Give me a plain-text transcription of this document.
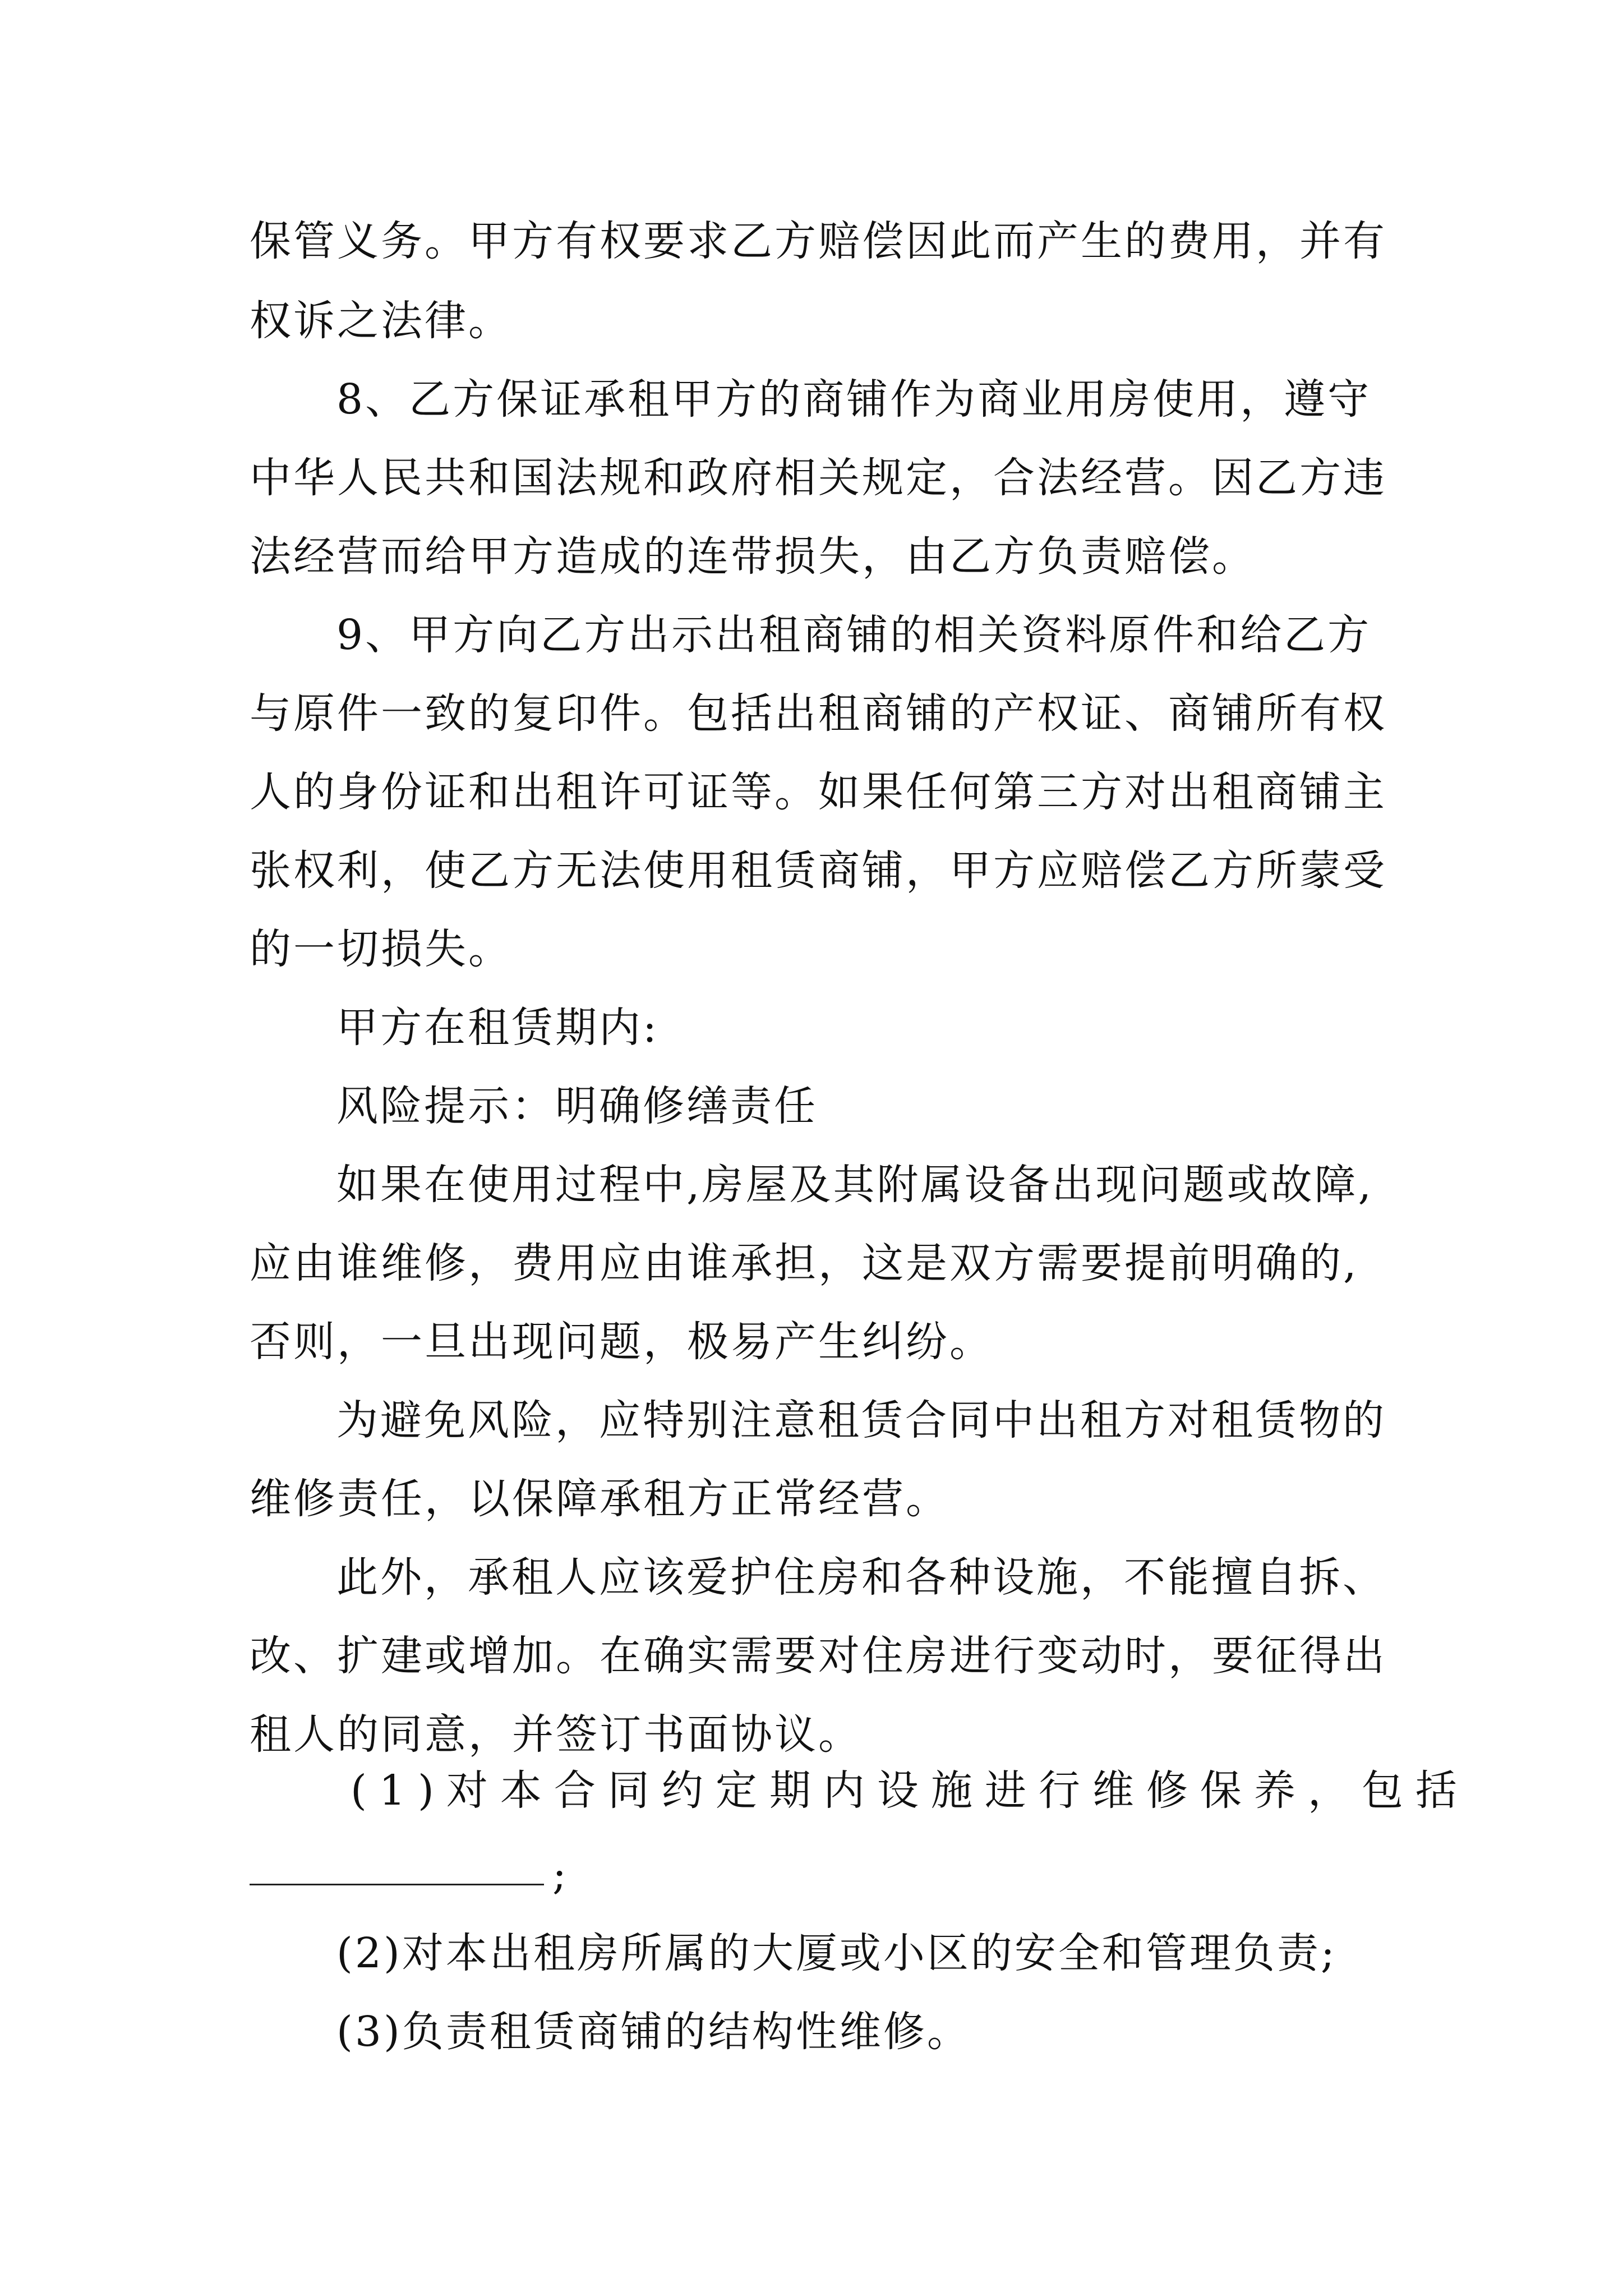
保管义务。甲方有权要求乙方赔偿因此而产生的费用，并有
权诉之法律。
8、乙方保证承租甲方的商铺作为商业用房使用，遵守
中华人民共和国法规和政府相关规定，合法经营。因乙方违
法经营而给甲方造成的连带损失，由乙方负责赔偿。
9、甲方向乙方出示出租商铺的相关资料原件和给乙方
与原件一致的复印件。包括出租商铺的产权证、商铺所有权
人的身份证和出租许可证等。如果任何第三方对出租商铺主
张权利，使乙方无法使用租赁商铺，甲方应赔偿乙方所蒙受
的一切损失。
甲方在租赁期内:
风险提示：明确修缮责任
如果在使用过程中,房屋及其附属设备出现问题或故障,
应由谁维修，费用应由谁承担，这是双方需要提前明确的,
否则，一旦出现问题，极易产生纠纷。
为避免风险，应特别注意租赁合同中出租方对租赁物的
维修责任，以保障承租方正常经营。
此外，承租人应该爱护住房和各种设施，不能擅自拆、
改、扩建或增加。在确实需要对住房进行变动时，要征得出
租人的同意，并签订书面协议。
(1)对本合同约定期内设施进行维修保养，包括
;
(2)对本出租房所属的大厦或小区的安全和管理负责;
(3)负责租赁商铺的结构性维修。
